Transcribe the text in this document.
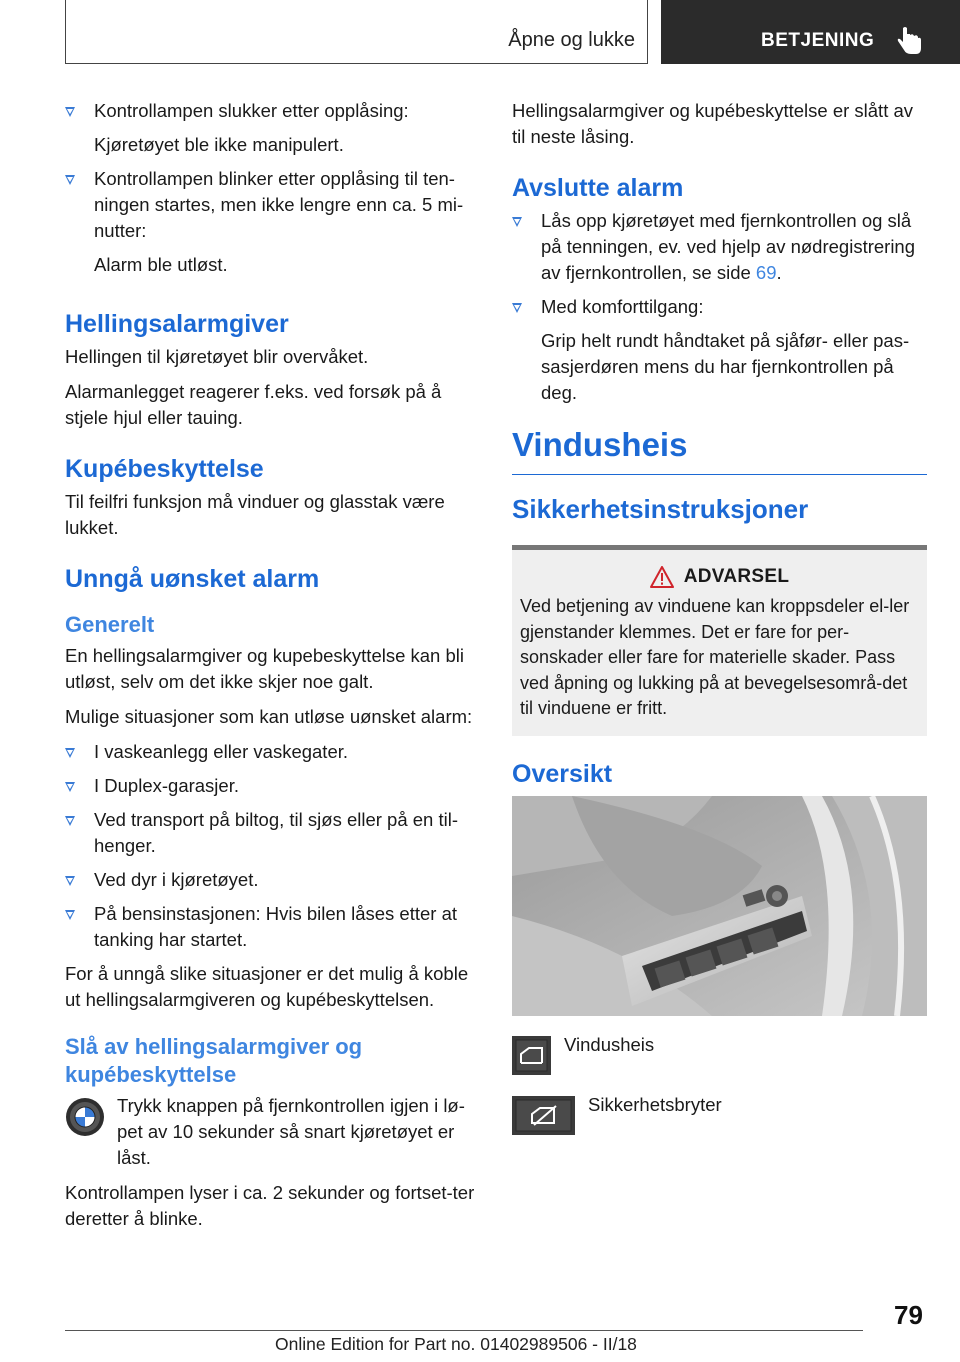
Åpne og lukke	BETJENING
Kontrollampen slukker etter opplåsing:
Kjøretøyet ble ikke manipulert.
Kontrollampen blinker etter opplåsing til ten-ningen startes, men ikke lengre enn ca. 5 mi-nutter:
Alarm ble utløst.
Hellingsalarmgiver

Hellingen til kjøretøyet blir overvåket.

Alarmanlegget reagerer f.eks. ved forsøk på å stjele hjul eller tauing.

Kupébeskyttelse

Til feilfri funksjon må vinduer og glasstak være lukket.

Unngå uønsket alarm
Generelt

En hellingsalarmgiver og kupebeskyttelse kan bli utløst, selv om det ikke skjer noe galt.

Mulige situasjoner som kan utløse uønsket alarm:

I vaskeanlegg eller vaskegater.
I Duplex-garasjer.
Ved transport på biltog, til sjøs eller på en til-henger.
Ved dyr i kjøretøyet.
På bensinstasjonen: Hvis bilen låses etter at tanking har startet.

For å unngå slike situasjoner er det mulig å koble ut hellingsalarmgiveren og kupébeskyttelsen.

Slå av hellingsalarmgiver og kupébeskyttelse
Trykk knappen på fjernkontrollen igjen i lø-pet av 10 sekunder så snart kjøretøyet er låst.

Kontrollampen lyser i ca. 2 sekunder og fortset-ter deretter å blinke.

Hellingsalarmgiver og kupébeskyttelse er slått av til neste låsing.

Avslutte alarm
Lås opp kjøretøyet med fjernkontrollen og slå på tenningen, ev. ved hjelp av nødregistrering av fjernkontrollen, se side 69.
Med komforttilgang:
Grip helt rundt håndtaket på sjåfør- eller pas-sasjerdøren mens du har fjernkontrollen på deg.
Vindusheis
Sikkerhetsinstruksjoner
ADVARSEL

Ved betjening av vinduene kan kroppsdeler el-ler gjenstander klemmes. Det er fare for per-sonskader eller fare for materielle skader. Pass ved åpning og lukking på at bevegelsesområ-det til vinduene er fritt.

Oversikt
Vindusheis
Sikkerhetsbryter
79
Online Edition for Part no. 01402989506 - II/18
